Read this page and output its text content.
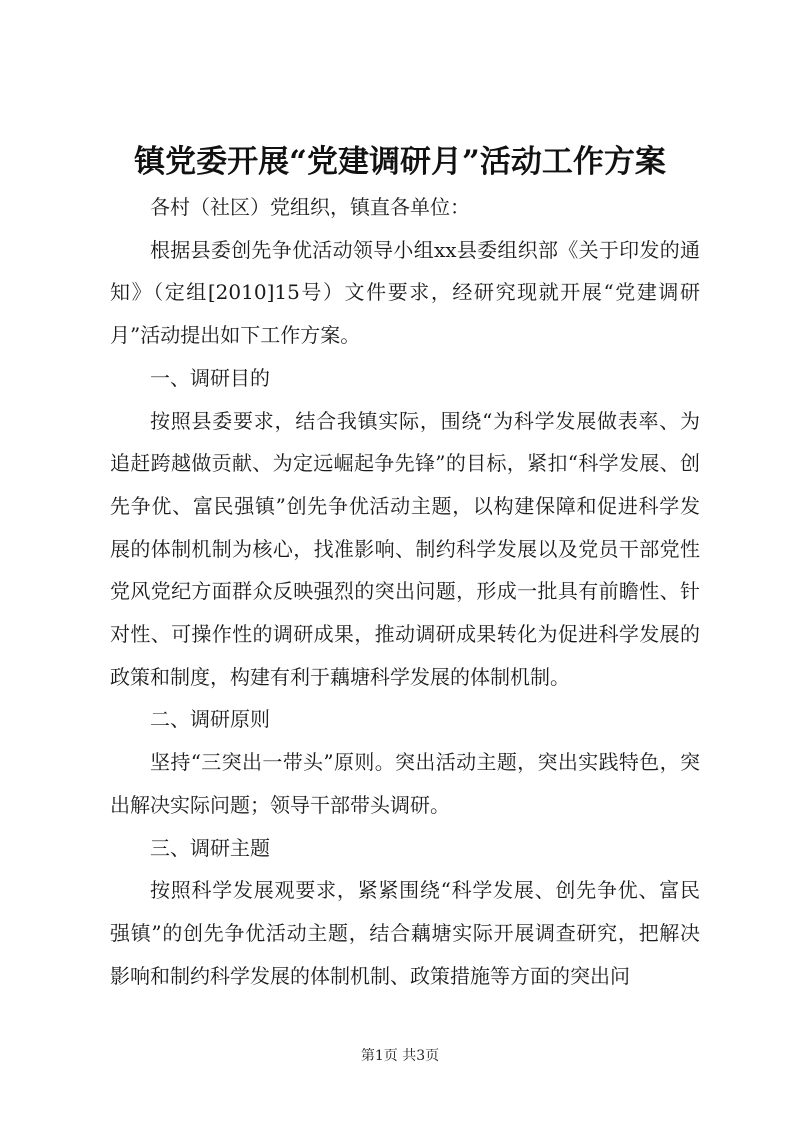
镇党委开展“党建调研月”活动工作方案

各村（社区）党组织，镇直各单位：

根据县委创先争优活动领导小组xx县委组织部《关于印发的通知》（定组[2010]15号）文件要求，经研究现就开展“党建调研月”活动提出如下工作方案。

一、调研目的

按照县委要求，结合我镇实际，围绕“为科学发展做表率、为追赶跨越做贡献、为定远崛起争先锋”的目标，紧扣“科学发展、创先争优、富民强镇”创先争优活动主题，以构建保障和促进科学发展的体制机制为核心，找准影响、制约科学发展以及党员干部党性党风党纪方面群众反映强烈的突出问题，形成一批具有前瞻性、针对性、可操作性的调研成果，推动调研成果转化为促进科学发展的政策和制度，构建有利于藕塘科学发展的体制机制。

二、调研原则

坚持“三突出一带头”原则。突出活动主题，突出实践特色，突出解决实际问题；领导干部带头调研。

三、调研主题

按照科学发展观要求，紧紧围绕“科学发展、创先争优、富民强镇”的创先争优活动主题，结合藕塘实际开展调查研究，把解决影响和制约科学发展的体制机制、政策措施等方面的突出问

第1页 共3页
